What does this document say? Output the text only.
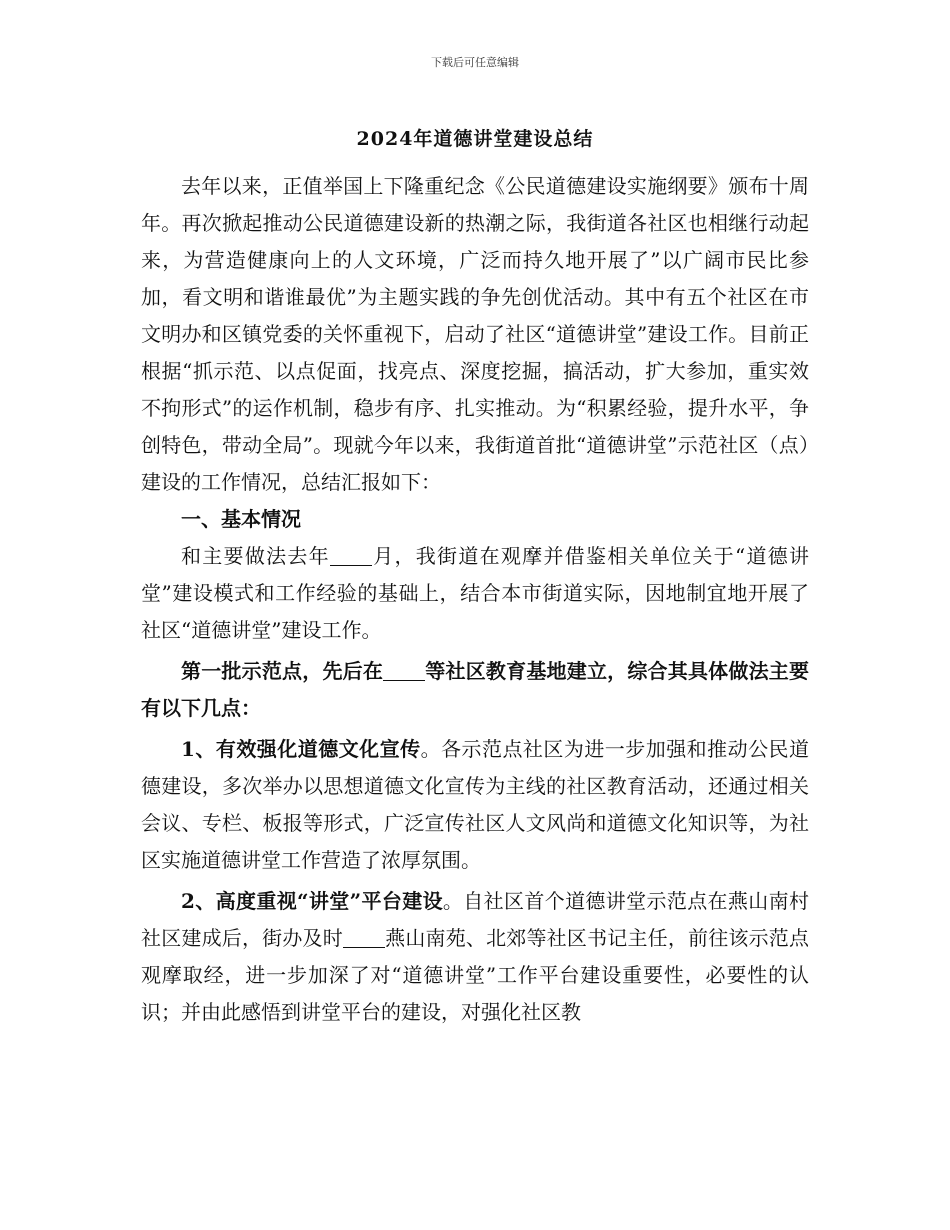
下载后可任意编辑
2024年道德讲堂建设总结

去年以来，正值举国上下隆重纪念《公民道德建设实施纲要》颁布十周年。再次掀起推动公民道德建设新的热潮之际，我街道各社区也相继行动起来，为营造健康向上的人文环境，广泛而持久地开展了”以广阔市民比参加，看文明和谐谁最优”为主题实践的争先创优活动。其中有五个社区在市文明办和区镇党委的关怀重视下，启动了社区“道德讲堂”建设工作。目前正根据“抓示范、以点促面，找亮点、深度挖掘，搞活动，扩大参加，重实效不拘形式”的运作机制，稳步有序、扎实推动。为“积累经验，提升水平，争创特色，带动全局”。现就今年以来，我街道首批“道德讲堂”示范社区（点）建设的工作情况，总结汇报如下：

一、基本情况

和主要做法去年 月，我街道在观摩并借鉴相关单位关于“道德讲堂”建设模式和工作经验的基础上，结合本市街道实际，因地制宜地开展了社区“道德讲堂”建设工作。

第一批示范点，先后在 等社区教育基地建立，综合其具体做法主要有以下几点：

1、有效强化道德文化宣传。各示范点社区为进一步加强和推动公民道德建设，多次举办以思想道德文化宣传为主线的社区教育活动，还通过相关会议、专栏、板报等形式，广泛宣传社区人文风尚和道德文化知识等，为社区实施道德讲堂工作营造了浓厚氛围。

2、高度重视“讲堂”平台建设。自社区首个道德讲堂示范点在燕山南村社区建成后，街办及时 燕山南苑、北郊等社区书记主任，前往该示范点观摩取经，进一步加深了对“道德讲堂”工作平台建设重要性，必要性的认识；并由此感悟到讲堂平台的建设，对强化社区教
